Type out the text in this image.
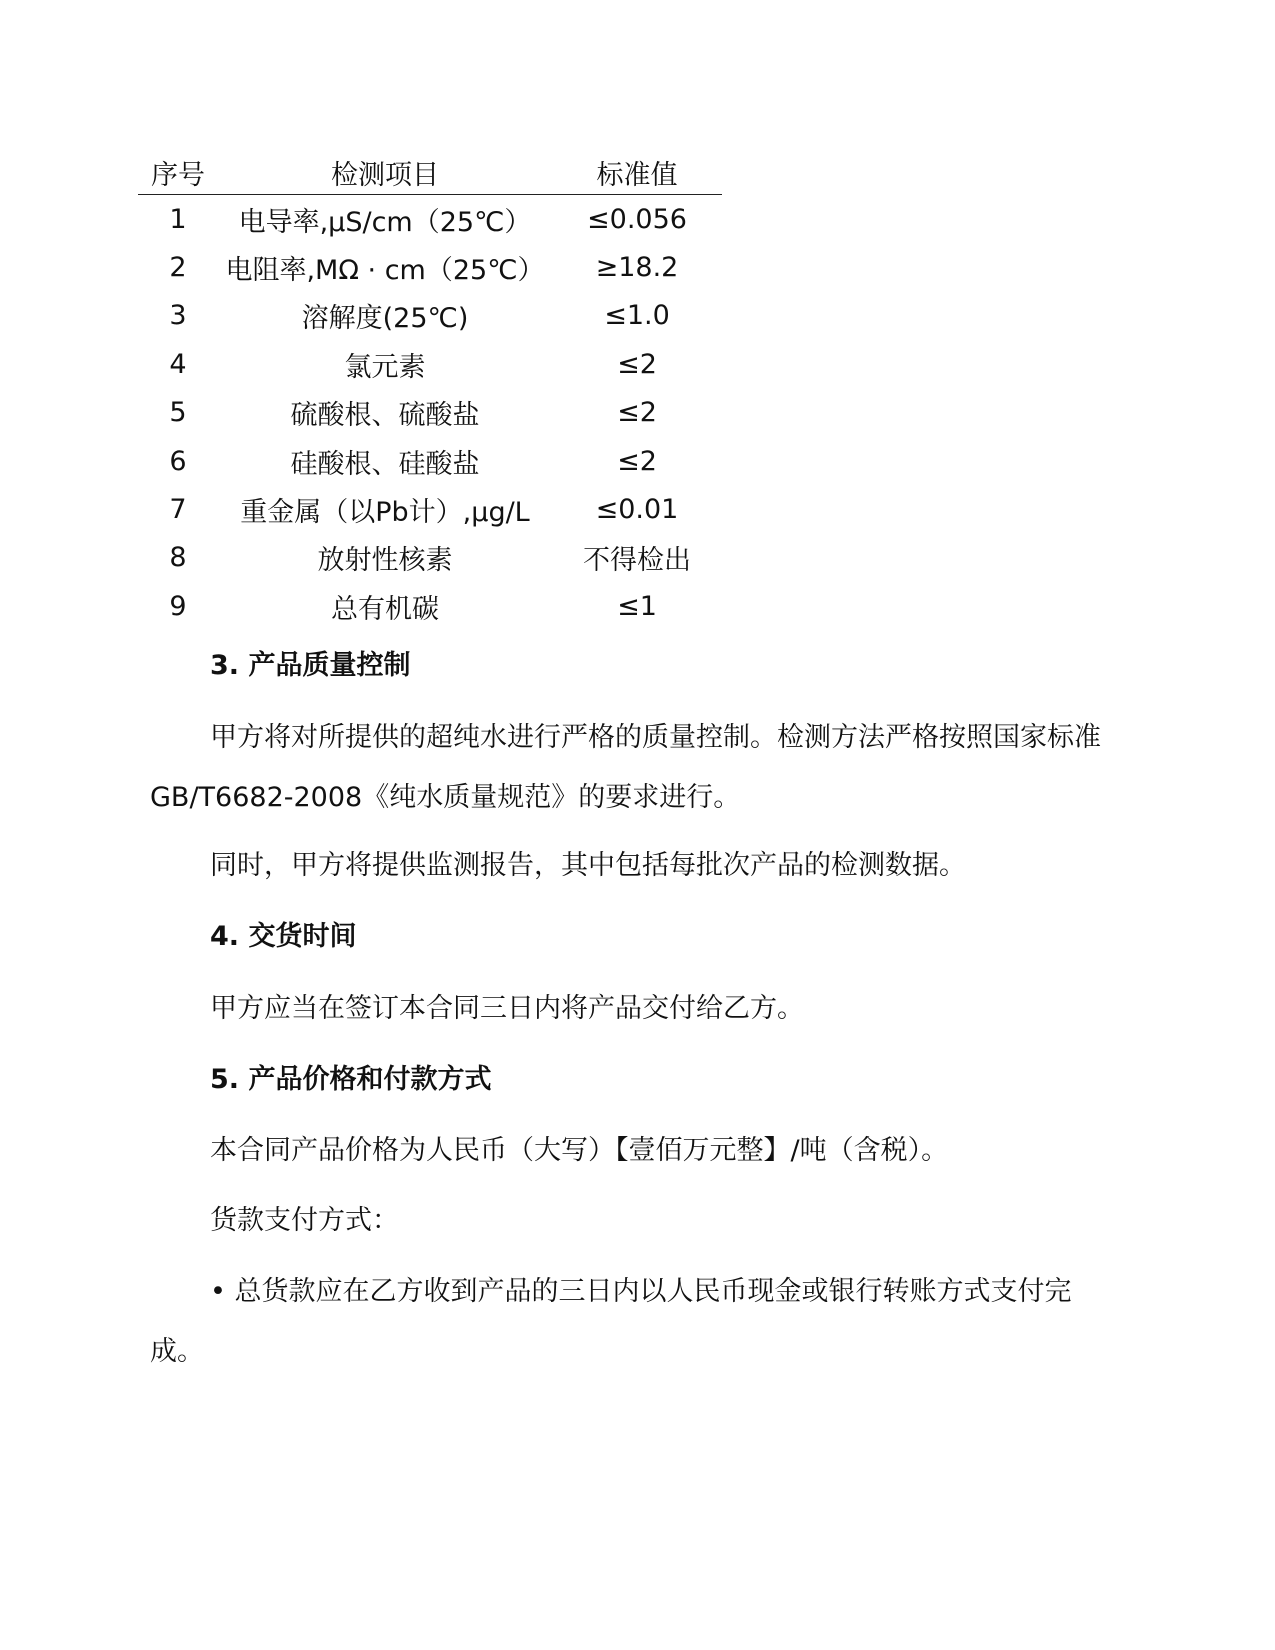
序号	检测项目	标准值
1	电导率,μS/cm（25℃）	≤0.056
2	电阻率,MΩ · cm（25℃）	≥18.2
3	溶解度(25℃)	≤1.0
4	氯元素	≤2
5	硫酸根、硫酸盐	≤2
6	硅酸根、硅酸盐	≤2
7	重金属（以Pb计）,μg/L	≤0.01
8	放射性核素	不得检出
9	总有机碳	≤1

3. 产品质量控制

甲方将对所提供的超纯水进行严格的质量控制。检测方法严格按照国家标准GB/T6682-2008《纯水质量规范》的要求进行。

同时，甲方将提供监测报告，其中包括每批次产品的检测数据。

4. 交货时间

甲方应当在签订本合同三日内将产品交付给乙方。

5. 产品价格和付款方式

本合同产品价格为人民币（大写）【壹佰万元整】/吨（含税）。

货款支付方式：

• 总货款应在乙方收到产品的三日内以人民币现金或银行转账方式支付完成。
